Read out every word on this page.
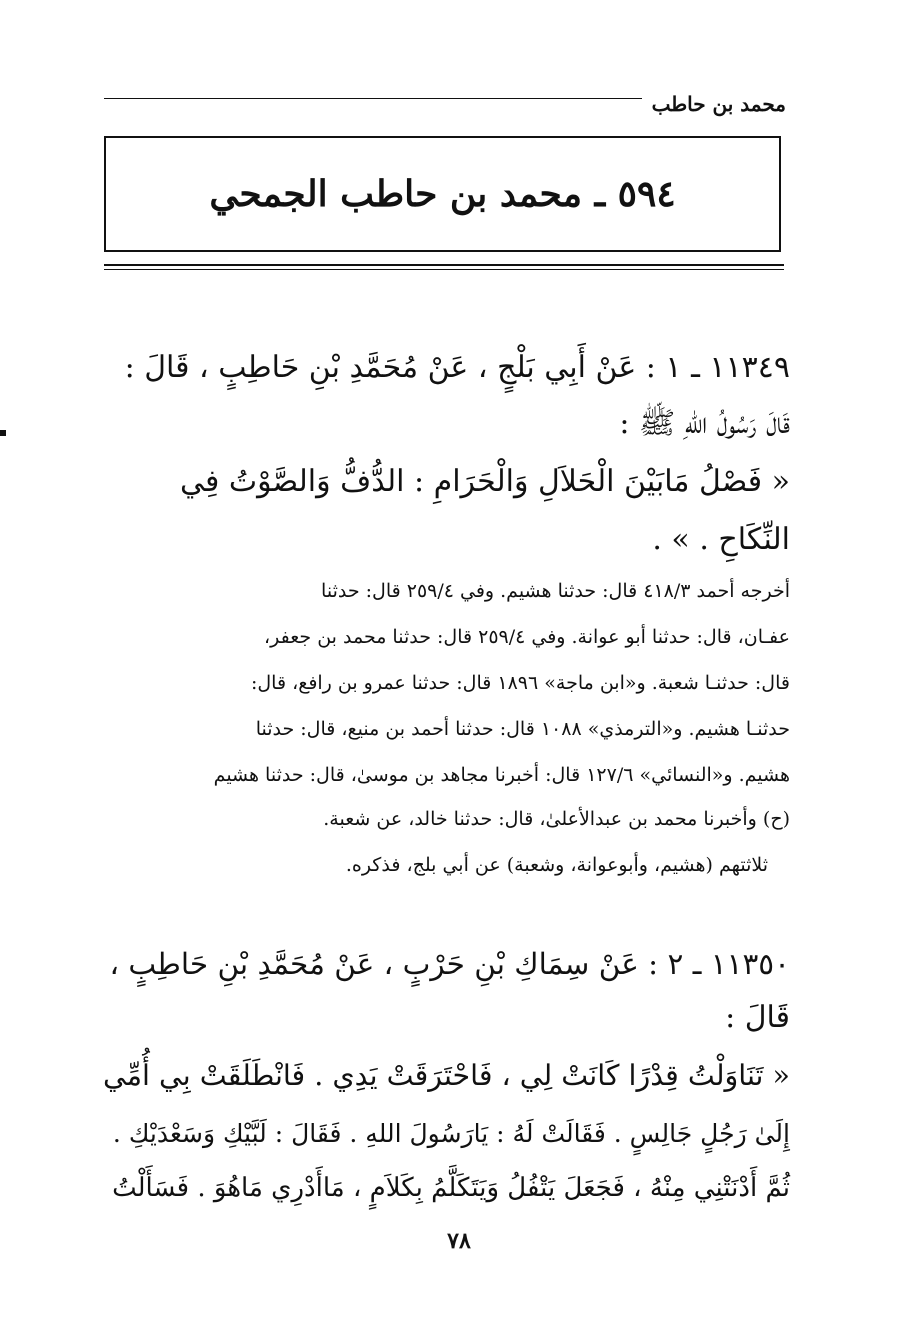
محمد بن حاطب
٥٩٤ ـ محمد بن حاطب الجمحي
١١٣٤٩ ـ ١ : عَنْ أَبِي بَلْجٍ ، عَنْ مُحَمَّدِ بْنِ حَاطِبٍ ، قَالَ :
قَالَ رَسُولُ اللهِ ﷺ :
« فَصْلُ مَابَيْنَ الْحَلاَلِ وَالْحَرَامِ : الدُّفُّ وَالصَّوْتُ فِي
النِّكَاحِ . » .
أخرجه أحمد ٤١٨/٣ قال: حدثنا هشيم. وفي ٢٥٩/٤ قال: حدثنا
عفـان، قال: حدثنا أبو عوانة. وفي ٢٥٩/٤ قال: حدثنا محمد بن جعفر،
قال: حدثنـا شعبة. و«ابن ماجة» ١٨٩٦ قال: حدثنا عمرو بن رافع، قال:
حدثنـا هشيم. و«الترمذي» ١٠٨٨ قال: حدثنا أحمد بن منيع، قال: حدثنا
هشيم. و«النسائي» ١٢٧/٦ قال: أخبرنا مجاهد بن موسىٰ، قال: حدثنا هشيم
(ح) وأخبرنا محمد بن عبدالأعلىٰ، قال: حدثنا خالد، عن شعبة.
ثلاثتهم (هشيم، وأبوعوانة، وشعبة) عن أبي بلج، فذكره.
١١٣٥٠ ـ ٢ : عَنْ سِمَاكِ بْنِ حَرْبٍ ، عَنْ مُحَمَّدِ بْنِ حَاطِبٍ ،
قَالَ :
« تَنَاوَلْتُ قِدْرًا كَانَتْ لِي ، فَاحْتَرَقَتْ يَدِي . فَانْطَلَقَتْ بِي أُمِّي
إِلَىٰ رَجُلٍ جَالِسٍ . فَقَالَتْ لَهُ : يَارَسُولَ اللهِ . فَقَالَ : لَبَّيْكِ وَسَعْدَيْكِ .
ثُمَّ أَدْنَتْنِي مِنْهُ ، فَجَعَلَ يَتْفُلُ وَيَتَكَلَّمُ بِكَلاَمٍ ، مَاأَدْرِي مَاهُوَ . فَسَأَلْتُ
٧٨
